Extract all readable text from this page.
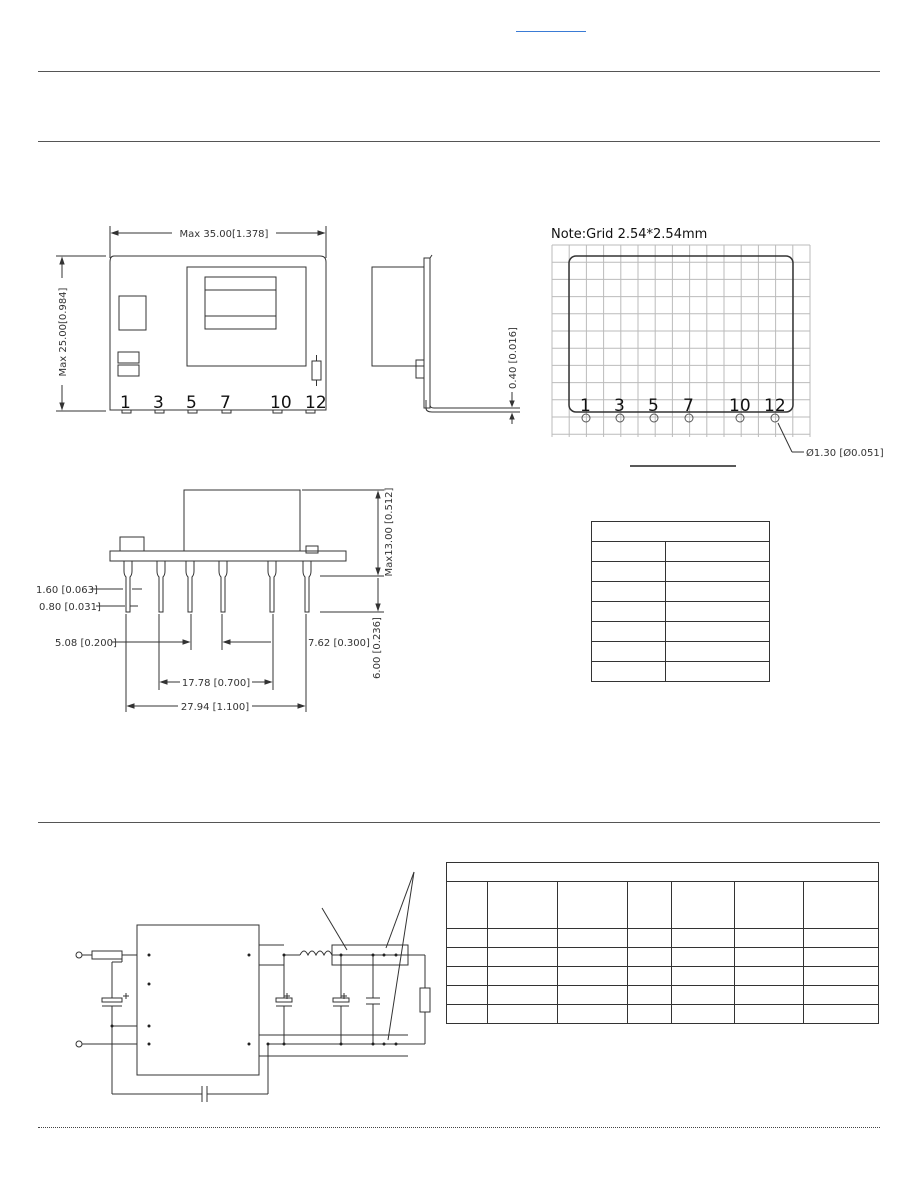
Max 35.00[1.378]
Max 25.00[0.984]	0.40 [0.016]
1 3 5 7 10 12
Note:Grid 2.54*2.54mm
Ø1.30 [Ø0.051]
1 3 5 7 10 12
Max13.00 [0.512]
6.00 [0.236]
1.60 [0.063]
0.80 [0.031]
5.08 [0.200]	7.62 [0.300]
17.78 [0.700]
27.94 [1.100]
